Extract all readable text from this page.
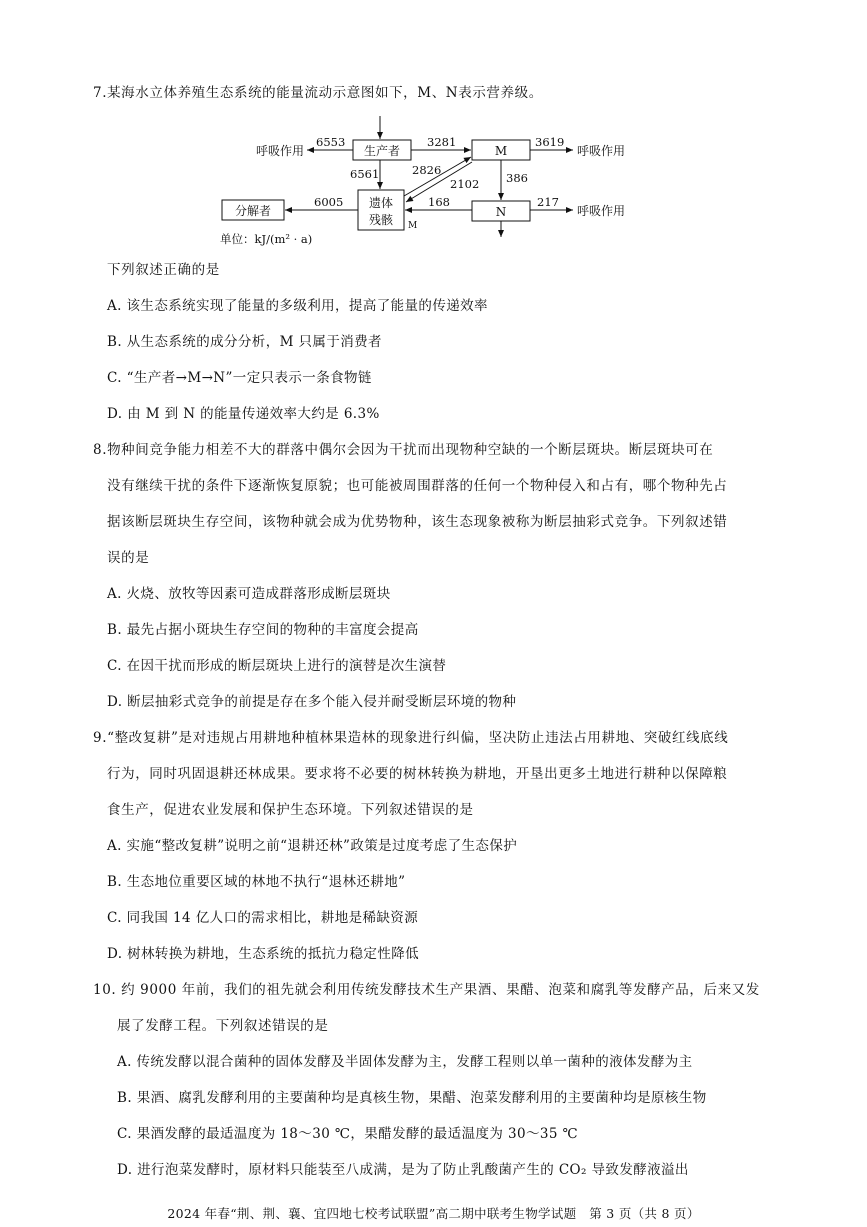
7.某海水立体养殖生态系统的能量流动示意图如下，M、N表示营养级。
生产者	M
N
遗体
残骸 M
分解者
呼吸作用
6553	3281	3619
呼吸作用
6561	2826
2102 386
168	217
呼吸作用
6005
单位：kJ/(m² · a)
下列叙述正确的是
A. 该生态系统实现了能量的多级利用，提高了能量的传递效率
B. 从生态系统的成分分析，M 只属于消费者
C. “生产者→M→N”一定只表示一条食物链
D. 由 M 到 N 的能量传递效率大约是 6.3%
8.物种间竞争能力相差不大的群落中偶尔会因为干扰而出现物种空缺的一个断层斑块。断层斑块可在
没有继续干扰的条件下逐渐恢复原貌；也可能被周围群落的任何一个物种侵入和占有，哪个物种先占
据该断层斑块生存空间，该物种就会成为优势物种，该生态现象被称为断层抽彩式竞争。下列叙述错
误的是
A. 火烧、放牧等因素可造成群落形成断层斑块
B. 最先占据小斑块生存空间的物种的丰富度会提高
C. 在因干扰而形成的断层斑块上进行的演替是次生演替
D. 断层抽彩式竞争的前提是存在多个能入侵并耐受断层环境的物种
9.“整改复耕”是对违规占用耕地种植林果造林的现象进行纠偏，坚决防止违法占用耕地、突破红线底线
行为，同时巩固退耕还林成果。要求将不必要的树林转换为耕地，开垦出更多土地进行耕种以保障粮
食生产，促进农业发展和保护生态环境。下列叙述错误的是
A. 实施“整改复耕”说明之前“退耕还林”政策是过度考虑了生态保护
B. 生态地位重要区域的林地不执行“退林还耕地”
C. 同我国 14 亿人口的需求相比，耕地是稀缺资源
D. 树林转换为耕地，生态系统的抵抗力稳定性降低
10. 约 9000 年前，我们的祖先就会利用传统发酵技术生产果酒、果醋、泡菜和腐乳等发酵产品，后来又发
展了发酵工程。下列叙述错误的是
A. 传统发酵以混合菌种的固体发酵及半固体发酵为主，发酵工程则以单一菌种的液体发酵为主
B. 果酒、腐乳发酵利用的主要菌种均是真核生物，果醋、泡菜发酵利用的主要菌种均是原核生物
C. 果酒发酵的最适温度为 18～30 ℃，果醋发酵的最适温度为 30～35 ℃
D. 进行泡菜发酵时，原材料只能装至八成满，是为了防止乳酸菌产生的 CO₂ 导致发酵液溢出
2024 年春“荆、荆、襄、宜四地七校考试联盟”高二期中联考生物学试题　第 3 页（共 8 页）
